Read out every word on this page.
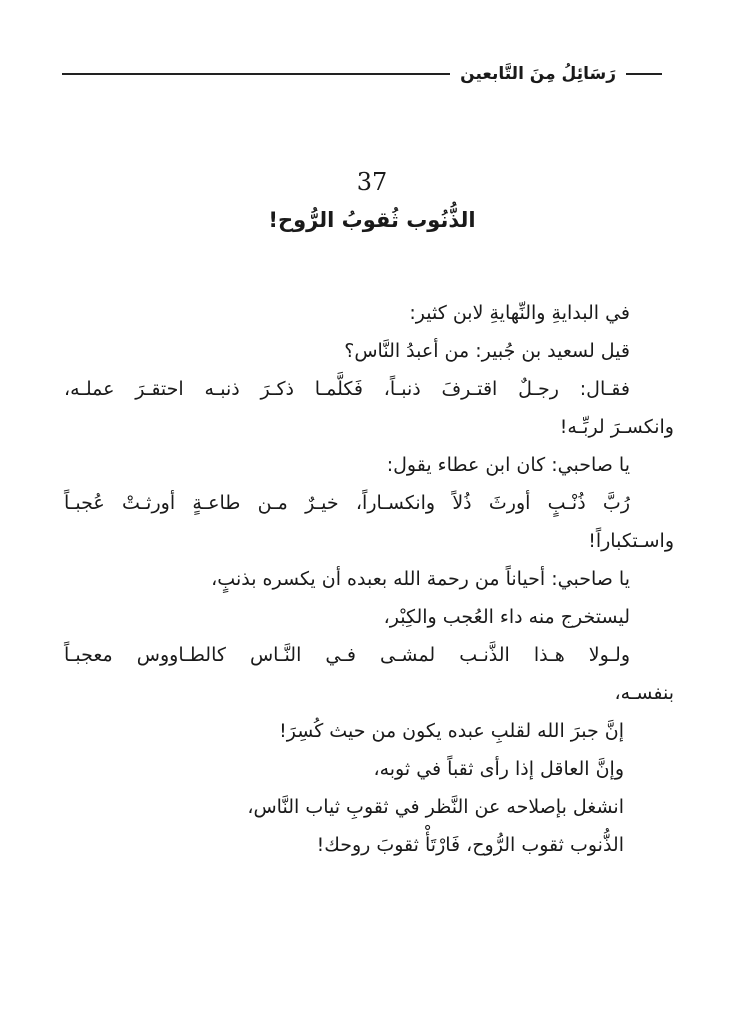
رَسَائِلُ مِنَ التَّابعين
37
الذُّنُوب ثُقوبُ الرُّوح!
في البدايةِ والنِّهايةِ لابن كثير:
قيل لسعيد بن جُبير: من أعبدُ النَّاس؟
فقـال: رجـلٌ اقتـرفَ ذنبـاً، فَكلَّمـا ذكـرَ ذنبـه احتقـرَ عملـه،
وانكسـرَ لربِّـه!
يا صاحبي: كان ابن عطاء يقول:
رُبَّ ذُنْـبٍ أورثَ ذُلاً وانكسـاراً، خيـرٌ مـن طاعـةٍ أورثـتْ عُجبـاً
واسـتكباراً!
يا صاحبي: أحياناً من رحمة الله بعبده أن يكسره بذنبٍ،
ليستخرج منه داء العُجب والكِبْر،
ولـولا هـذا الذَّنـب لمشـى فـي النَّـاس كالطـاووس معجبـاً
بنفسـه،
إنَّ جبرَ الله لقلبِ عبده يكون من حيث كُسِرَ!
وإنَّ العاقل إذا رأى ثقباً في ثوبه،
انشغل بإصلاحه عن النَّظر في ثقوبِ ثياب النَّاس،
الذُّنوب ثقوب الرُّوح، فَارْتَأْ ثقوبَ روحك!
